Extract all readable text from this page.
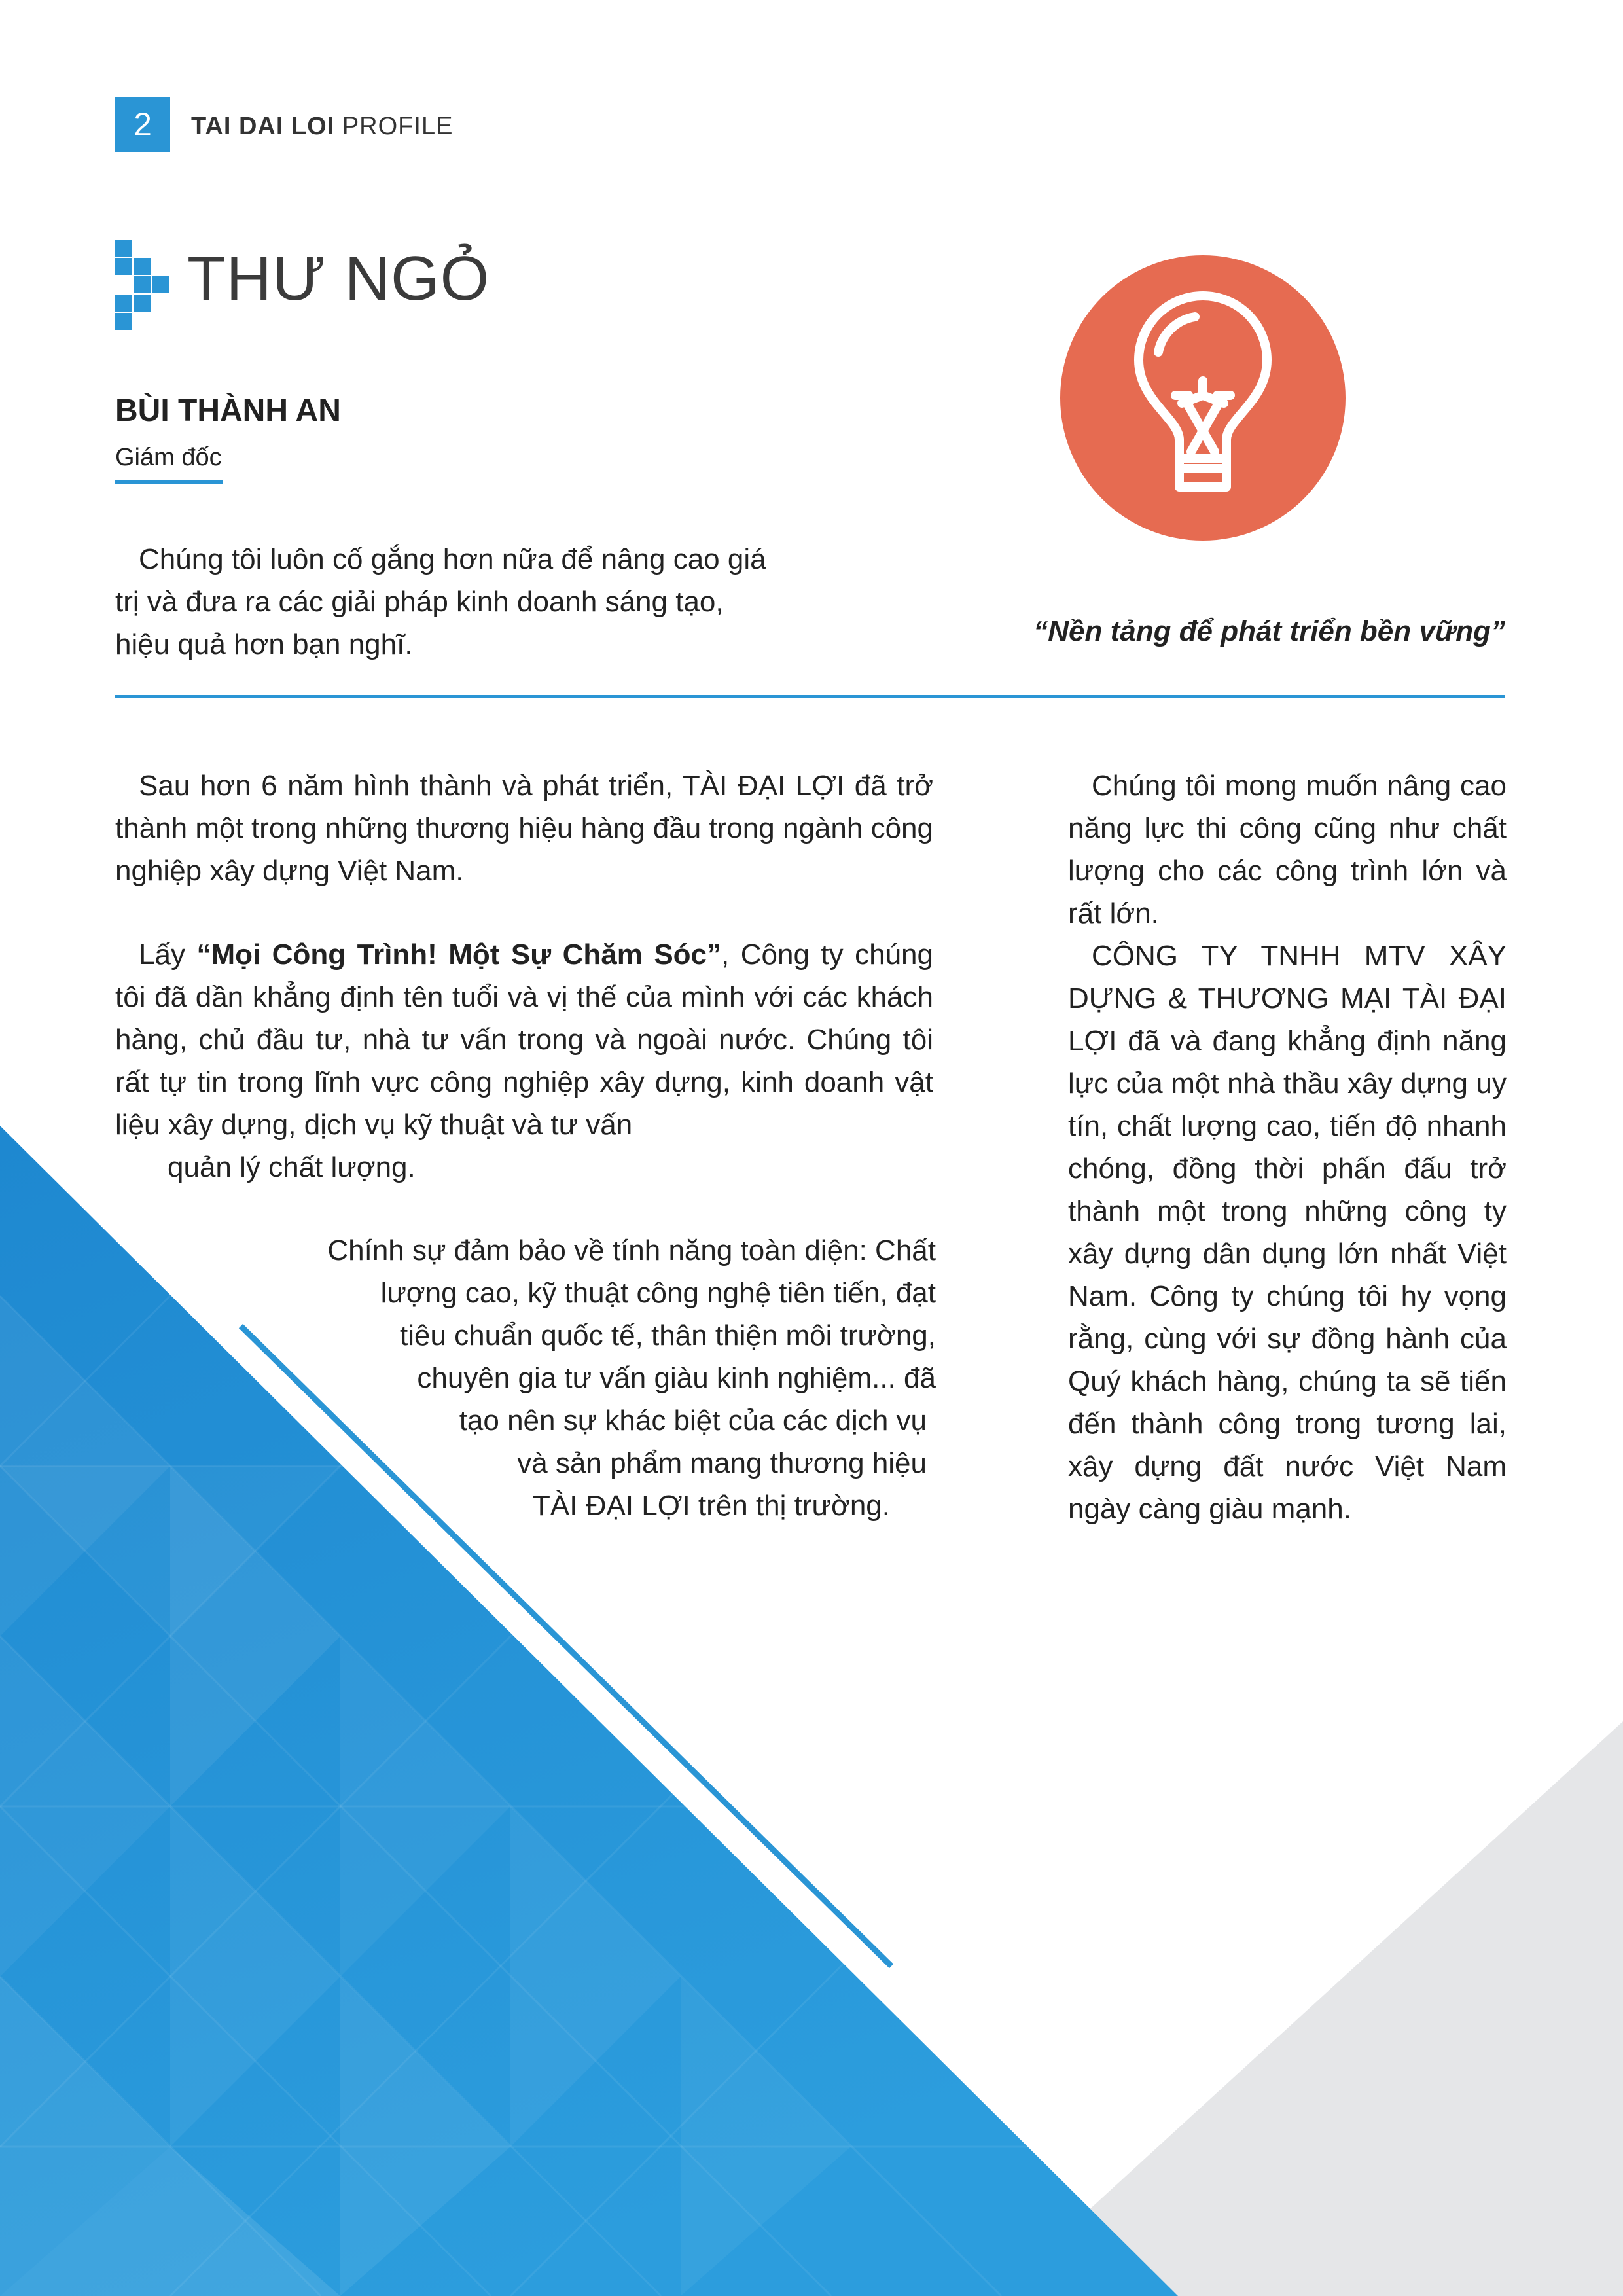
2	TAI DAI LOI PROFILE
THƯ NGỎ
BÙI THÀNH AN
Giám đốc
Chúng tôi luôn cố gắng hơn nữa để nâng cao giá trị và đưa ra các giải pháp kinh doanh sáng tạo, hiệu quả hơn bạn nghĩ.	“Nền tảng để phát triển bền vững”
Sau hơn 6 năm hình thành và phát triển, TÀI ĐẠI LỢI đã trở thành một trong những thương hiệu hàng đầu trong ngành công nghiệp xây dựng Việt Nam.
Lấy “Mọi Công Trình! Một Sự Chăm Sóc”, Công ty chúng tôi đã dần khẳng định tên tuổi và vị thế của mình với các khách hàng, chủ đầu tư, nhà tư vấn trong và ngoài nước. Chúng tôi rất tự tin trong lĩnh vực công nghiệp xây dựng, kinh doanh vật liệu xây dựng, dịch vụ kỹ thuật và tư vấn
quản lý chất lượng.
Chính sự đảm bảo về tính năng toàn diện: Chất
lượng cao, kỹ thuật công nghệ tiên tiến, đạt
tiêu chuẩn quốc tế, thân thiện môi trường,
chuyên gia tư vấn giàu kinh nghiệm... đã
tạo nên sự khác biệt của các dịch vụ
và sản phẩm mang thương hiệu
TÀI ĐẠI LỢI trên thị trường.

Chúng tôi mong muốn nâng cao năng lực thi công cũng như chất lượng cho các công trình lớn và rất lớn.

CÔNG TY TNHH MTV XÂY DỰNG & THƯƠNG MẠI TÀI ĐẠI LỢI đã và đang khẳng định năng lực của một nhà thầu xây dựng uy tín, chất lượng cao, tiến độ nhanh chóng, đồng thời phấn đấu trở thành một trong những công ty xây dựng dân dụng lớn nhất Việt Nam. Công ty chúng tôi hy vọng rằng, cùng với sự đồng hành của Quý khách hàng, chúng ta sẽ tiến đến thành công trong tương lai, xây dựng đất nước Việt Nam ngày càng giàu mạnh.
